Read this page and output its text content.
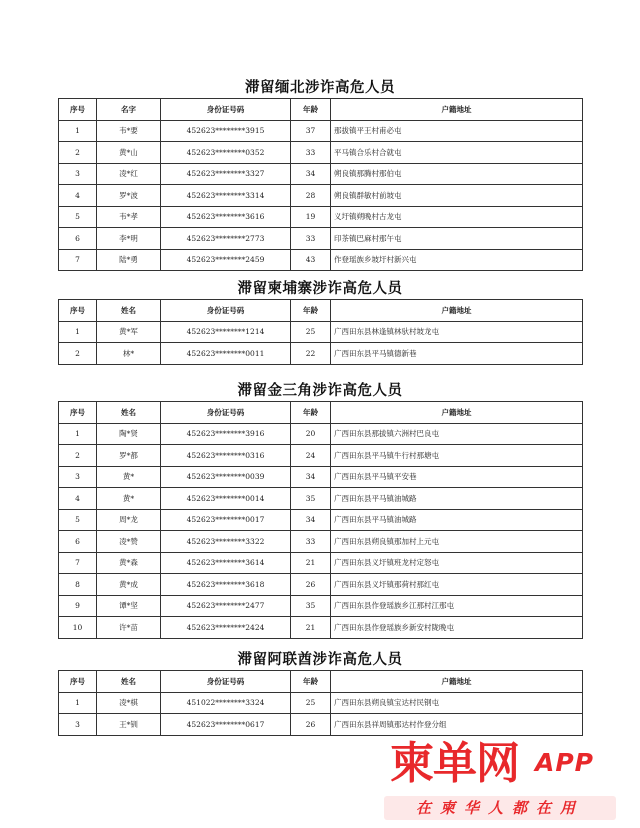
滞留缅北涉诈高危人员
序号	名字	身份证号码	年龄	户籍地址
1	韦*要	452623********3915	37	那拔镇平王村甫必屯
2	黄*山	452623********0352	33	平马镇合乐村合就屯
3	凌*红	452623********3327	34	朔良镇那腾村那伯屯
4	罗*波	452623********3314	28	朔良镇群敏村前坡屯
5	韦*孝	452623********3616	19	义圩镇朔晚村古龙屯
6	李*明	452623********2773	33	印茶镇巴麻村那午屯
7	陆*勇	452623********2459	43	作登瑶族乡坡圩村新兴屯
滞留柬埔寨涉诈高危人员
序号	姓名	身份证号码	年龄	户籍地址
1	黄*军	452623********1214	25	广西田东县林逢镇林驮村坡龙屯
2	林*	452623********0011	22	广西田东县平马镇德新巷
滞留金三角涉诈高危人员
序号	姓名	身份证号码	年龄	户籍地址
1	陶*贤	452623********3916	20	广西田东县那拔镇六洲村巴良屯
2	罗*都	452623********0316	24	广西田东县平马镇牛行村那塘屯
3	黄*	452623********0039	34	广西田东县平马镇平安巷
4	黄*	452623********0014	35	广西田东县平马镇油城路
5	周*龙	452623********0017	34	广西田东县平马镇油城路
6	凌*赞	452623********3322	33	广西田东县朔良镇那加村上元屯
7	黄*森	452623********3614	21	广西田东县义圩镇班龙村定怒屯
8	黄*成	452623********3618	26	广西田东县义圩镇那荷村那红屯
9	谭*坚	452623********2477	35	广西田东县作登瑶族乡江那村江那屯
10	许*苗	452623********2424	21	广西田东县作登瑶族乡新安村陇晚屯
滞留阿联酋涉诈高危人员
序号	姓名	身份证号码	年龄	户籍地址
1	凌*棋	451022********3324	25	广西田东县朔良镇宝达村民钢屯
3	王*钏	452623********0617	26	广西田东县祥周镇那达村作登分组
柬单网 APP
在柬华人都在用
